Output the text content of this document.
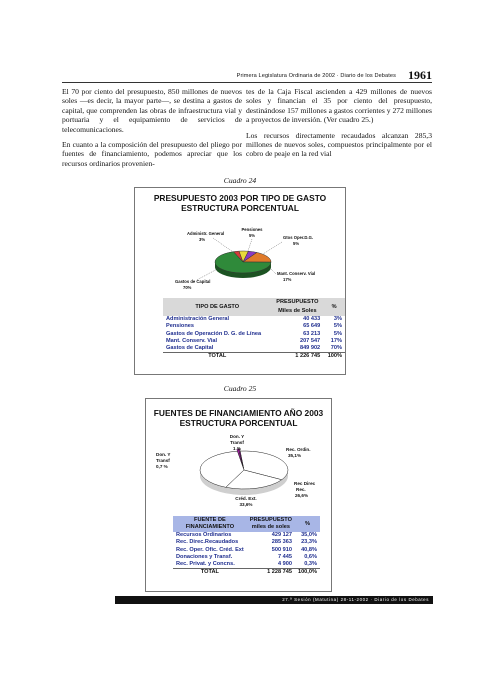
Primera Legislatura Ordinaria de 2002 · Diario de los Debates 1961

El 70 por ciento del presupuesto, 850 millones de nuevos soles —es decir, la mayor parte—, se destina a gastos de capital, que comprenden las obras de infraestructura vial y portuaria y el equipamiento de servicios de telecomunicaciones.

En cuanto a la composición del presupuesto del pliego por fuentes de financiamiento, podemos apreciar que los recursos ordinarios provenien-

tes de la Caja Fiscal ascienden a 429 millones de nuevos soles y financian el 35 por ciento del presupuesto, destinándose 157 millones a gastos corrientes y 272 millones a proyectos de inversión. (Ver cuadro 25.)

Los recursos directamente recaudados alcanzan 285,3 millones de nuevos soles, compuestos principalmente por el cobro de peaje en la red vial

Cuadro 24
PRESUPUESTO 2003 POR TIPO DE GASTO
ESTRUCTURA PORCENTUAL
Administr. General
3%
Pensiones
5%	Gtos Oper.D.G.
5%
Mant. Conserv. Vial
17%
Gastos de Capital
70%
TIPO DE GASTO	PRESUPUESTO	%
	Miles de Soles	
Administración General	40 433	3%
Pensiones	65 649	5%
Gastos de Operación D. G. de Línea	63 213	5%
Mant. Conserv. Vial	207 547	17%
Gastos de Capital	849 902	70%
TOTAL	1 226 745	100%
Cuadro 25
FUENTES DE FINANCIAMIENTO AÑO 2003
ESTRUCTURA PORCENTUAL
Don. Y
Transf
0,7 %
Don. Y
Transf
1 %	Rec. Ordin.
35,1%
Rec Direc
Rec.
26,6%
Créd. Ext.
33,6%
FUENTE DE
FINANCIAMIENTO	PRESUPUESTO
miles de soles	%
Recursos Ordinarios	429 127	35,0%
Rec. Direc.Recaudados	285 363	23,3%
Rec. Oper. Ofic. Créd. Ext	500 910	40,8%
Donaciones y Transf.	7 445	0,6%
Rec. Privat. y Concns.	4 900	0,3%
TOTAL	1 228 745	100,0%
27.ª Sesión (Matutina) 28-11-2002 · Diario de los Debates
